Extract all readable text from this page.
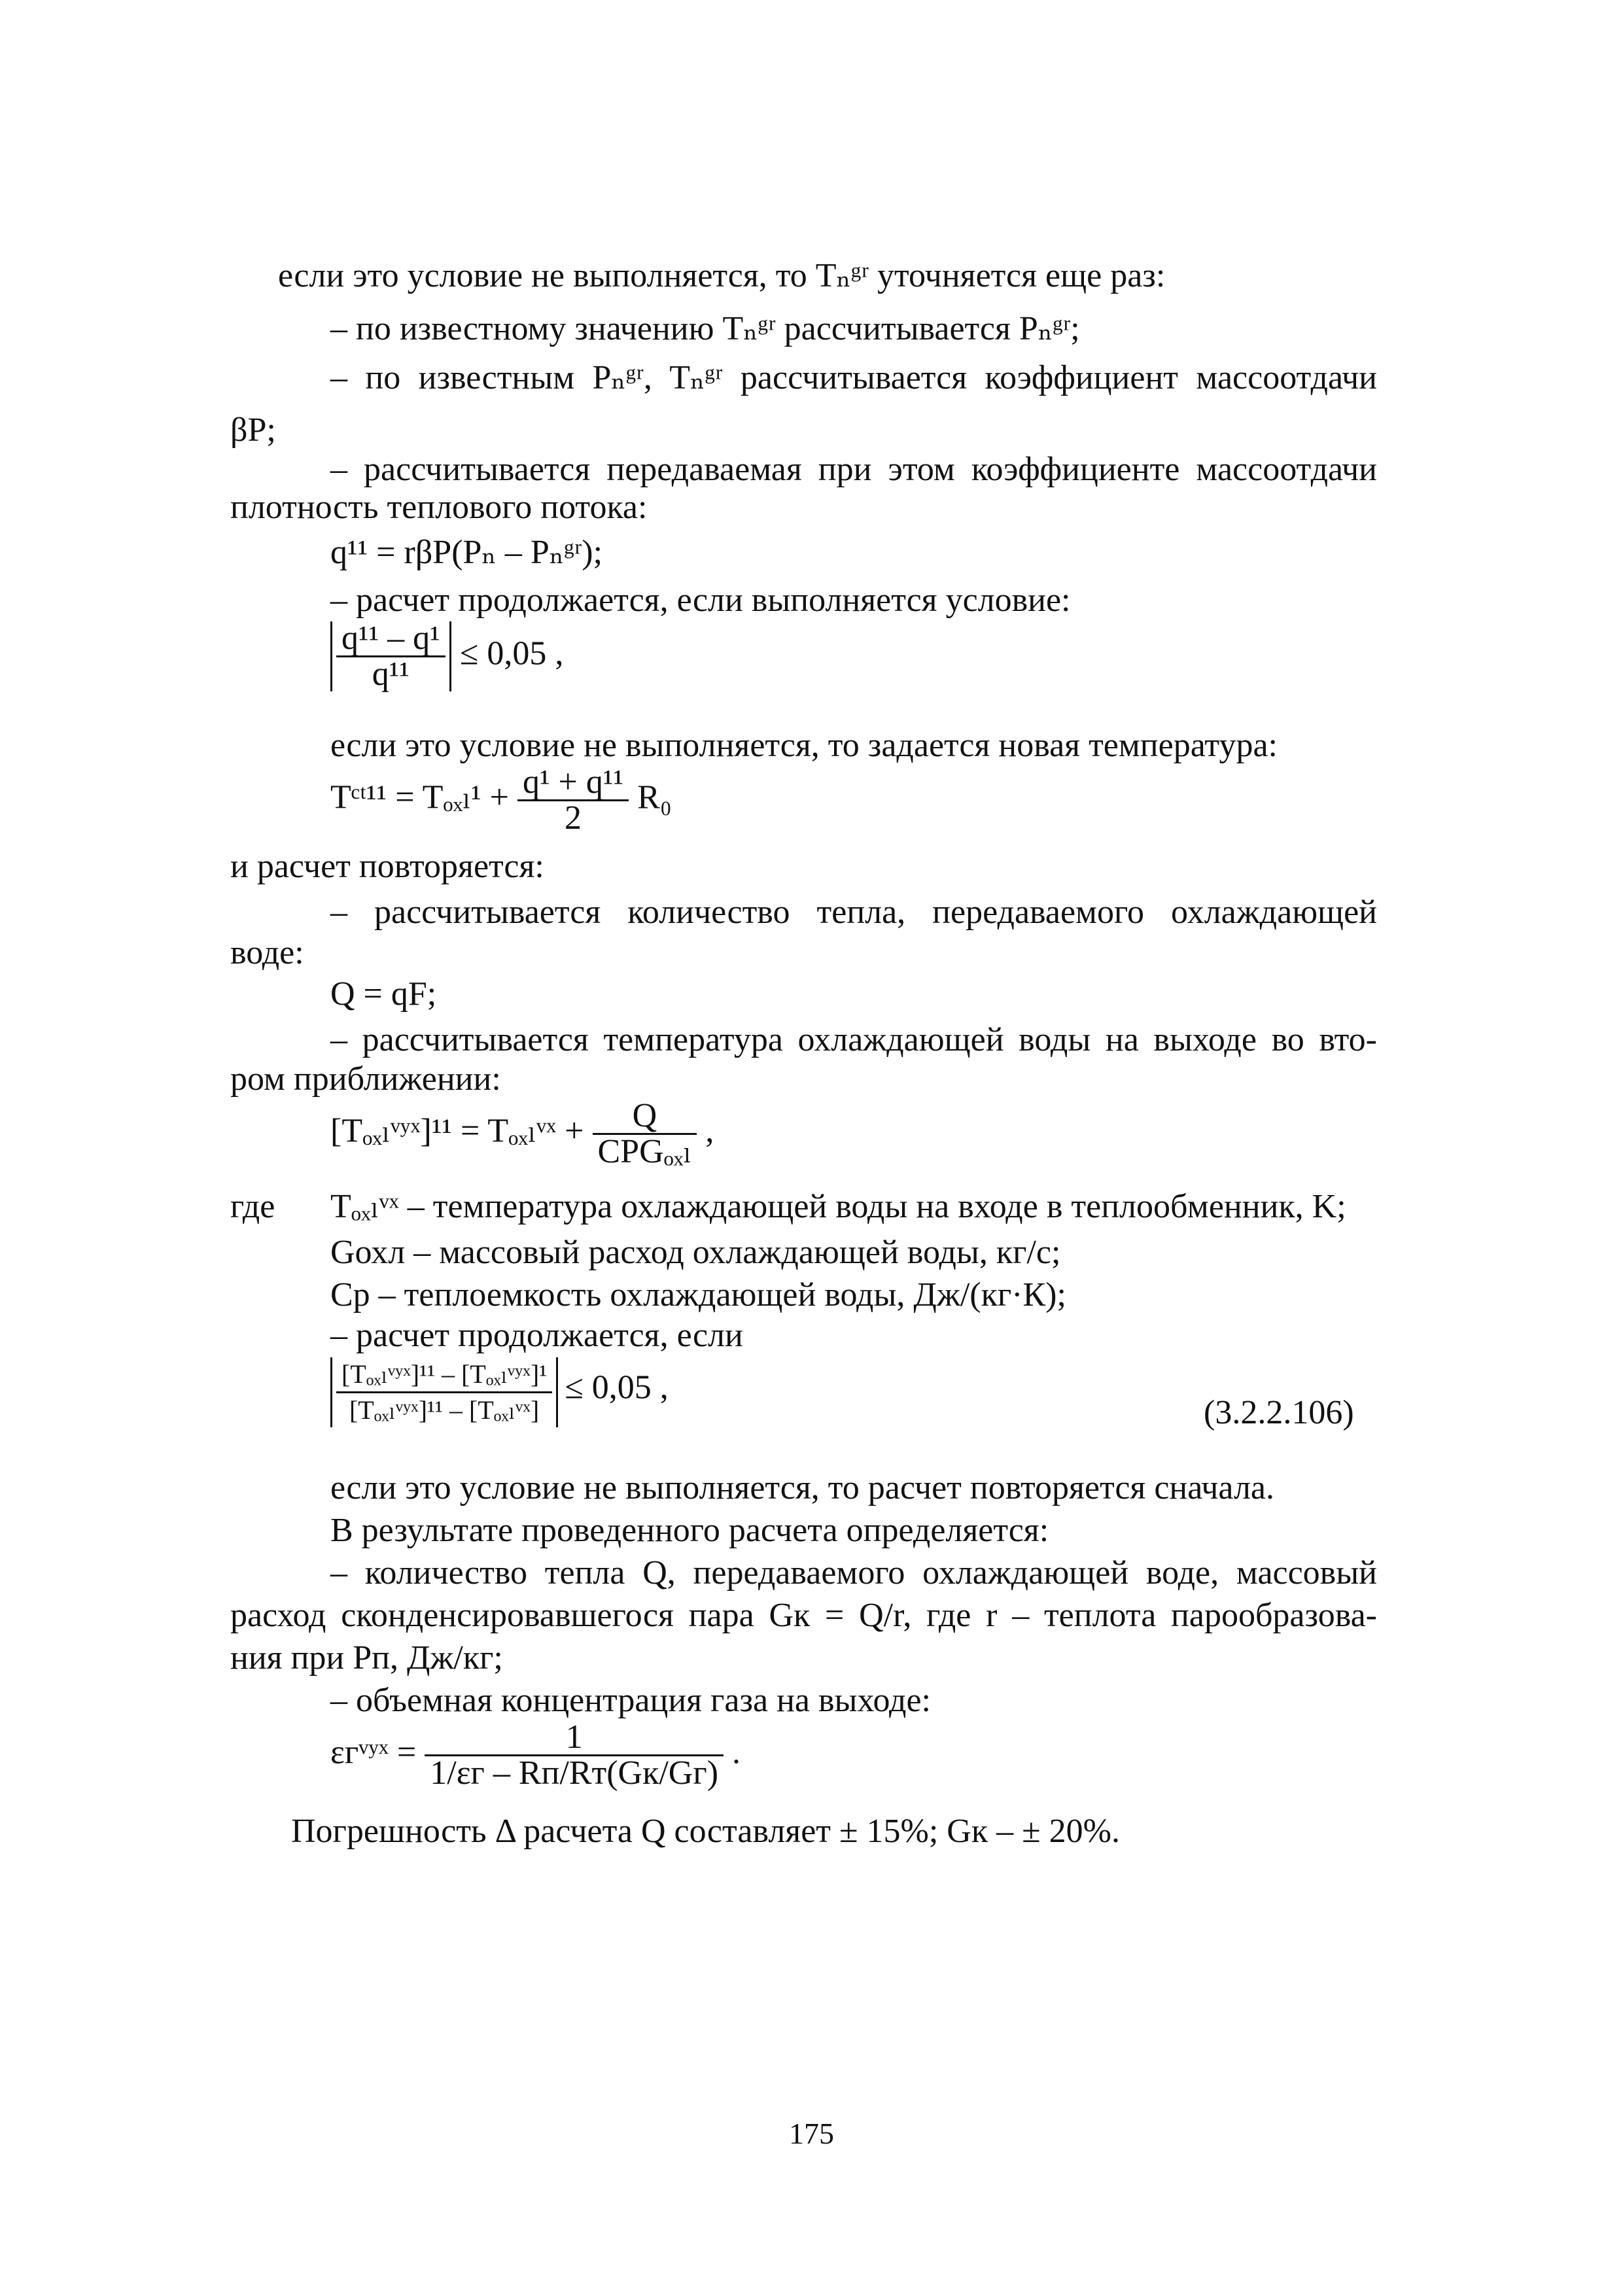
если это условие не выполняется, то Tₙᵍʳ уточняется еще раз:
– по известному значению Tₙᵍʳ рассчитывается Pₙᵍʳ;
– по известным Pₙᵍʳ, Tₙᵍʳ рассчитывается коэффициент массоотдачи
βP;
– рассчитывается передаваемая при этом коэффициенте массоотдачи
плотность теплового потока:
q¹¹ = rβP(Pₙ – Pₙᵍʳ);
– расчет продолжается, если выполняется условие:
$\frac{\text{q¹¹ – q¹}}{\text{q¹¹}} \le 0,05$ ,
если это условие не выполняется, то задается новая температура:
Tᶜᵗ¹¹ = $T_{oxl}^1 + \frac{\text{q¹ + q¹¹}}{2} R_0$
и расчет повторяется:
– рассчитывается количество тепла, передаваемого охлаждающей
воде:
Q = qF;
– рассчитывается температура охлаждающей воды на выходе во вто-
ром приближении:
[Tₒₓₗᵛʸˣ]¹¹ = Tₒₓₗᵛˣ + $\frac{Q}{\text{CPGₒₓₗ}}$ ,
где Tₒₓₗᵛˣ – температура охлаждающей воды на входе в теплообменник, K;
Gохл – массовый расход охлаждающей воды, кг/с;
Cp – теплоемкость охлаждающей воды, Дж/(кг·К);
– расчет продолжается, если
$\frac{\text{[Tₒₓₗᵛʸˣ]¹¹ – [Tₒₓₗᵛʸˣ]¹}}{\text{[Tₒₓₗᵛʸˣ]¹¹ – [Tₒₓₗᵛˣ]}} \le 0,05$ ,
(3.2.2.106)
если это условие не выполняется, то расчет повторяется сначала.
В результате проведенного расчета определяется:
– количество тепла Q, передаваемого охлаждающей воде, массовый
расход сконденсировавшегося пара Gк = Q/r, где r – теплота парообразова-
ния при Pп, Дж/кг;
– объемная концентрация газа на выходе:
εгᵛʸˣ = $\frac{1}{1/\varepsilon г - Rп/Rт(Gк/Gг)}$ .
Погрешность Δ расчета Q составляет ± 15%; Gк – ± 20%.
175
